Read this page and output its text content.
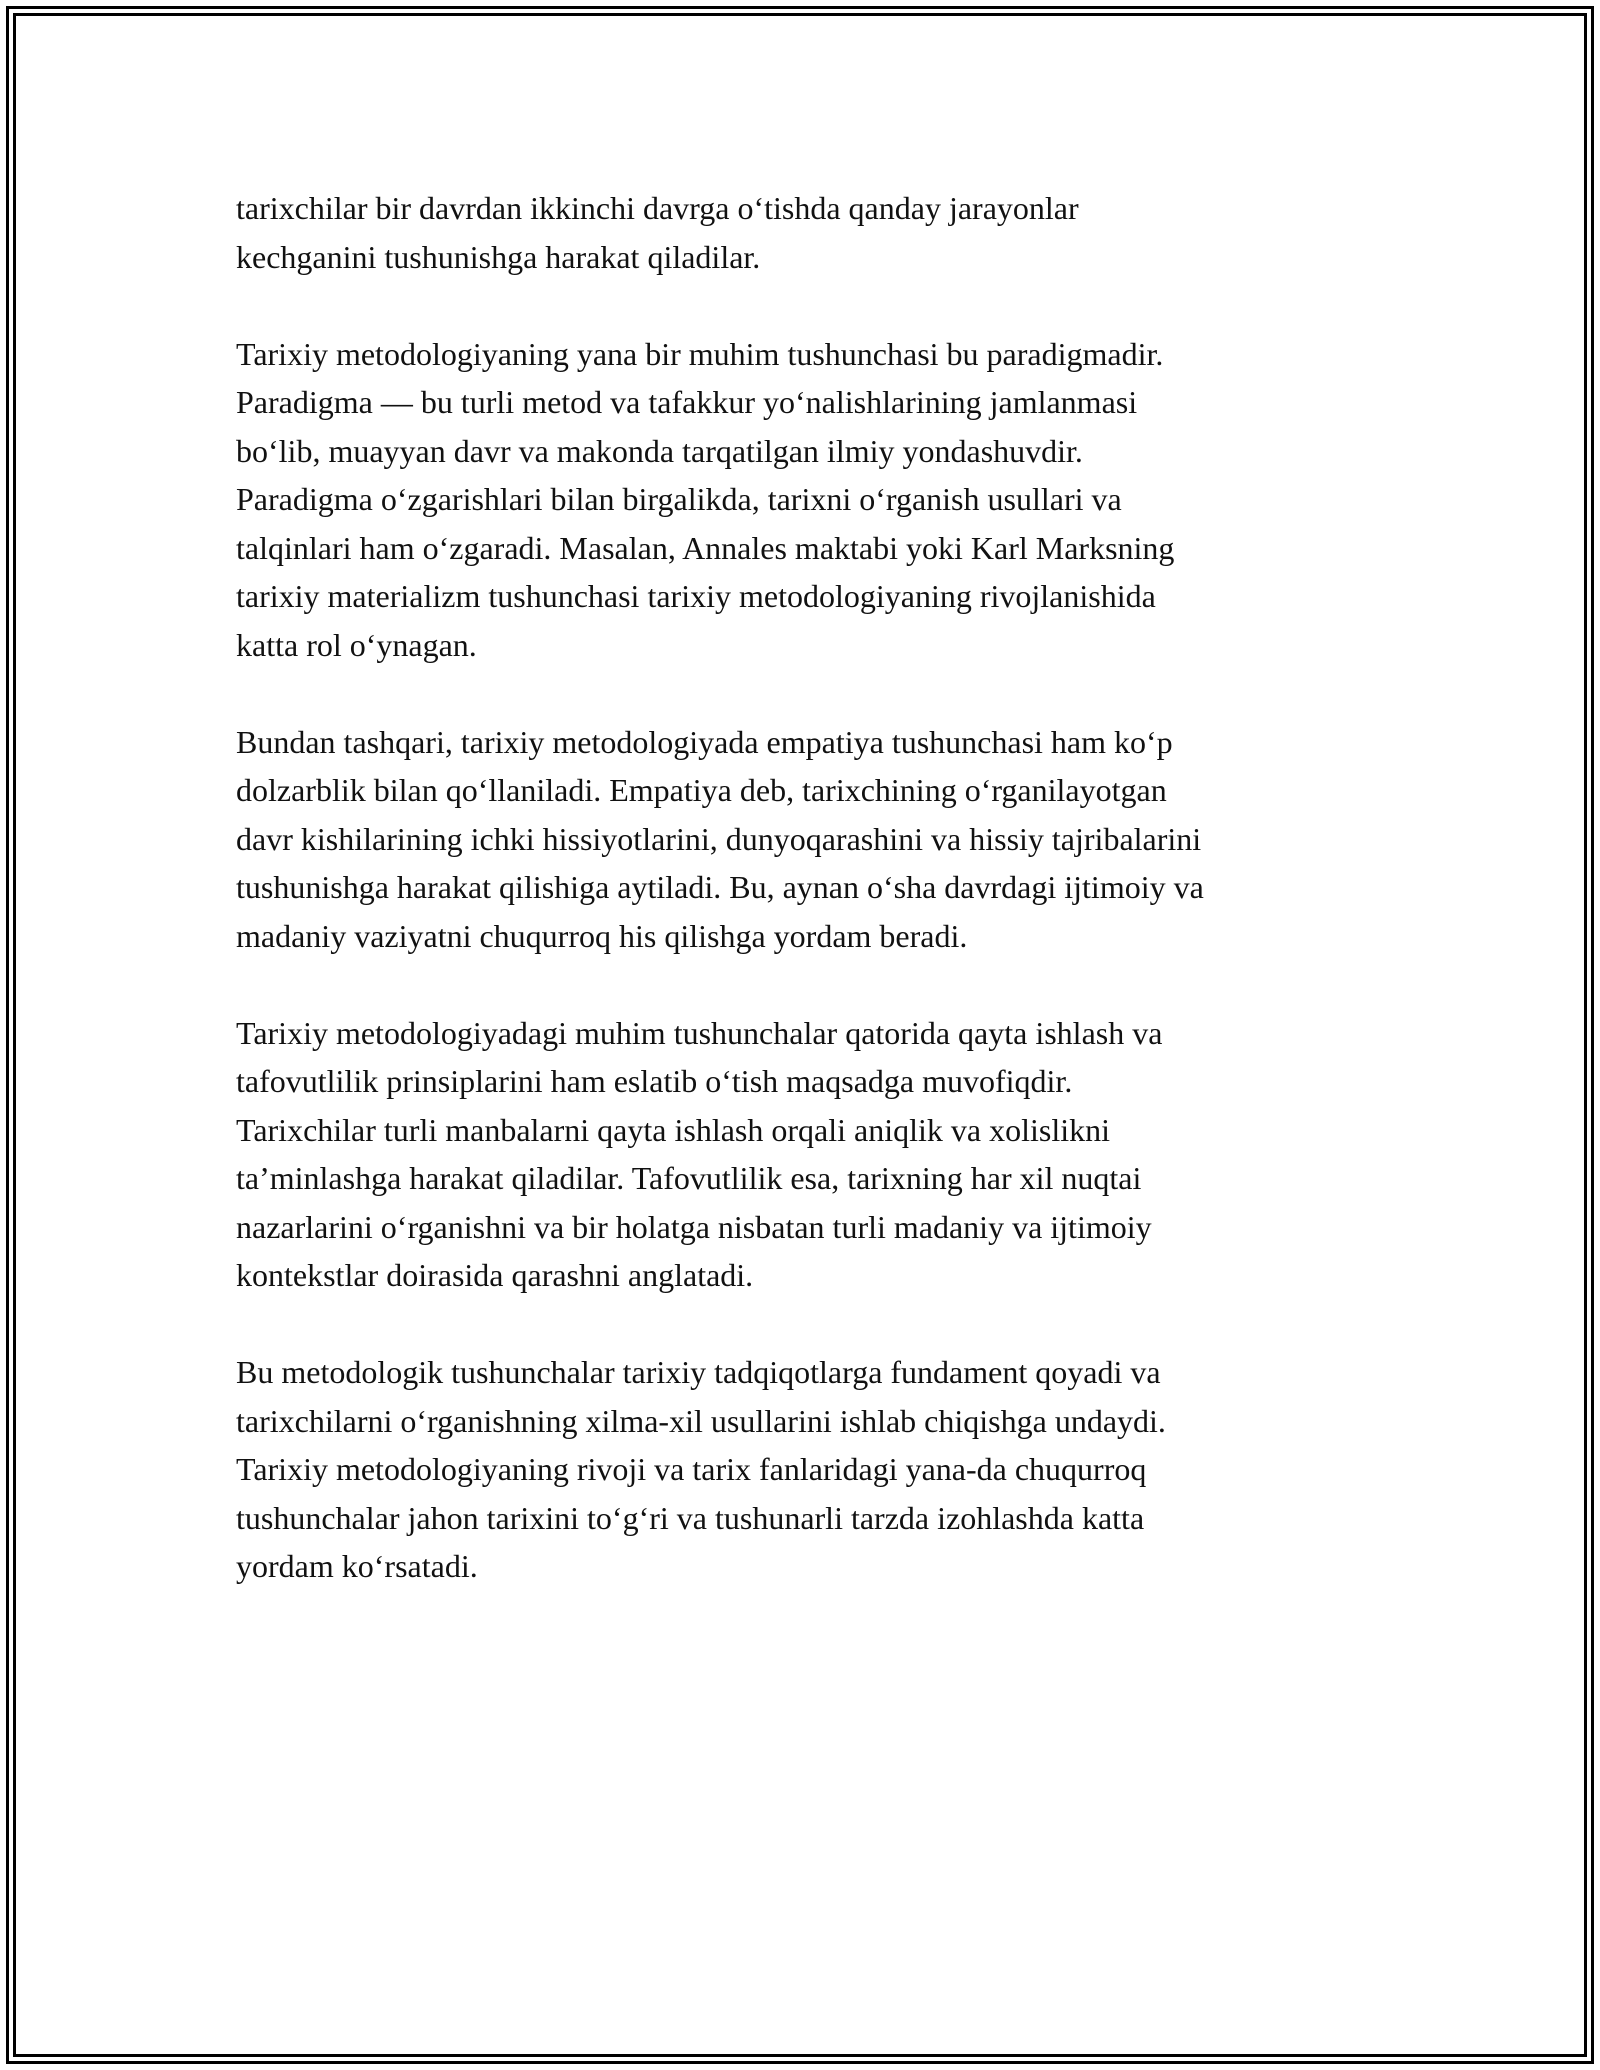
tarixchilar bir davrdan ikkinchi davrga o‘tishda qanday jarayonlar
kechganini tushunishga harakat qiladilar.

Tarixiy metodologiyaning yana bir muhim tushunchasi bu paradigmadir.
Paradigma — bu turli metod va tafakkur yo‘nalishlarining jamlanmasi
bo‘lib, muayyan davr va makonda tarqatilgan ilmiy yondashuvdir.
Paradigma o‘zgarishlari bilan birgalikda, tarixni o‘rganish usullari va
talqinlari ham o‘zgaradi. Masalan, Annales maktabi yoki Karl Marksning
tarixiy materializm tushunchasi tarixiy metodologiyaning rivojlanishida
katta rol o‘ynagan.

Bundan tashqari, tarixiy metodologiyada empatiya tushunchasi ham ko‘p
dolzarblik bilan qo‘llaniladi. Empatiya deb, tarixchining o‘rganilayotgan
davr kishilarining ichki hissiyotlarini, dunyoqarashini va hissiy tajribalarini
tushunishga harakat qilishiga aytiladi. Bu, aynan o‘sha davrdagi ijtimoiy va
madaniy vaziyatni chuqurroq his qilishga yordam beradi.

Tarixiy metodologiyadagi muhim tushunchalar qatorida qayta ishlash va
tafovutlilik prinsiplarini ham eslatib o‘tish maqsadga muvofiqdir.
Tarixchilar turli manbalarni qayta ishlash orqali aniqlik va xolislikni
ta’minlashga harakat qiladilar. Tafovutlilik esa, tarixning har xil nuqtai
nazarlarini o‘rganishni va bir holatga nisbatan turli madaniy va ijtimoiy
kontekstlar doirasida qarashni anglatadi.

Bu metodologik tushunchalar tarixiy tadqiqotlarga fundament qoyadi va
tarixchilarni o‘rganishning xilma-xil usullarini ishlab chiqishga undaydi.
Tarixiy metodologiyaning rivoji va tarix fanlaridagi yana-da chuqurroq
tushunchalar jahon tarixini to‘g‘ri va tushunarli tarzda izohlashda katta
yordam ko‘rsatadi.
